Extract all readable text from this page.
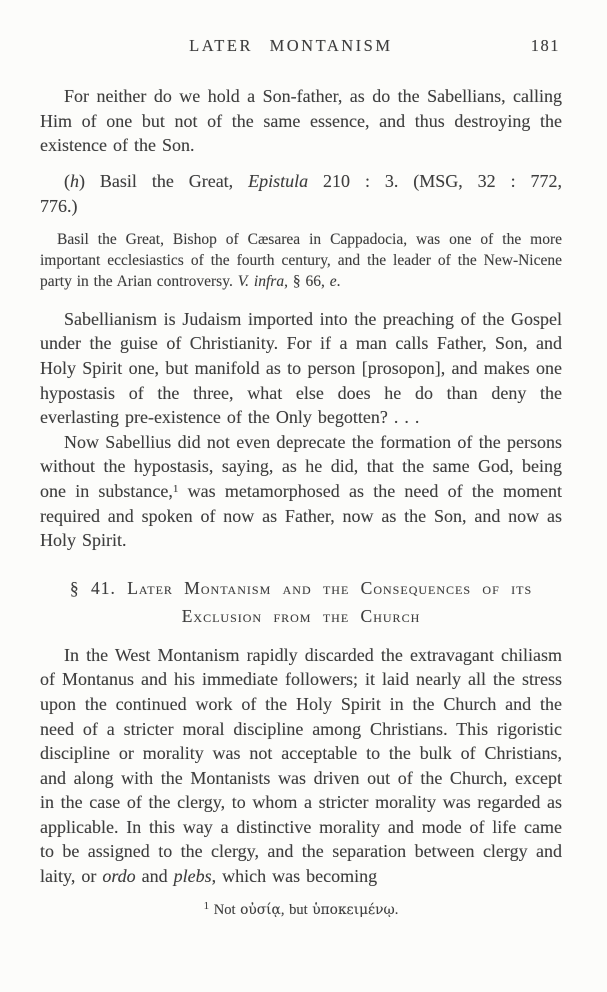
LATER MONTANISM	181

For neither do we hold a Son-father, as do the Sabellians, calling Him of one but not of the same essence, and thus destroying the existence of the Son.

(h) Basil the Great, Epistula 210 : 3. (MSG, 32 : 772, 776.)

Basil the Great, Bishop of Cæsarea in Cappadocia, was one of the more important ecclesiastics of the fourth century, and the leader of the New-Nicene party in the Arian controversy. V. infra, § 66, e.

Sabellianism is Judaism imported into the preaching of the Gospel under the guise of Christianity. For if a man calls Father, Son, and Holy Spirit one, but manifold as to person [prosopon], and makes one hypostasis of the three, what else does he do than deny the everlasting pre-existence of the Only begotten? . . .

Now Sabellius did not even deprecate the formation of the persons without the hypostasis, saying, as he did, that the same God, being one in substance,$^1$ was metamorphosed as the need of the moment required and spoken of now as Father, now as the Son, and now as Holy Spirit.

§ 41. Later Montanism and the Consequences of its
Exclusion from the Church

In the West Montanism rapidly discarded the extravagant chiliasm of Montanus and his immediate followers; it laid nearly all the stress upon the continued work of the Holy Spirit in the Church and the need of a stricter moral discipline among Christians. This rigoristic discipline or morality was not acceptable to the bulk of Christians, and along with the Montanists was driven out of the Church, except in the case of the clergy, to whom a stricter morality was regarded as applicable. In this way a distinctive morality and mode of life came to be assigned to the clergy, and the separation between clergy and laity, or ordo and plebs, which was becoming

$^1$ Not οὐσίᾳ, but ὑποκειμένῳ.
